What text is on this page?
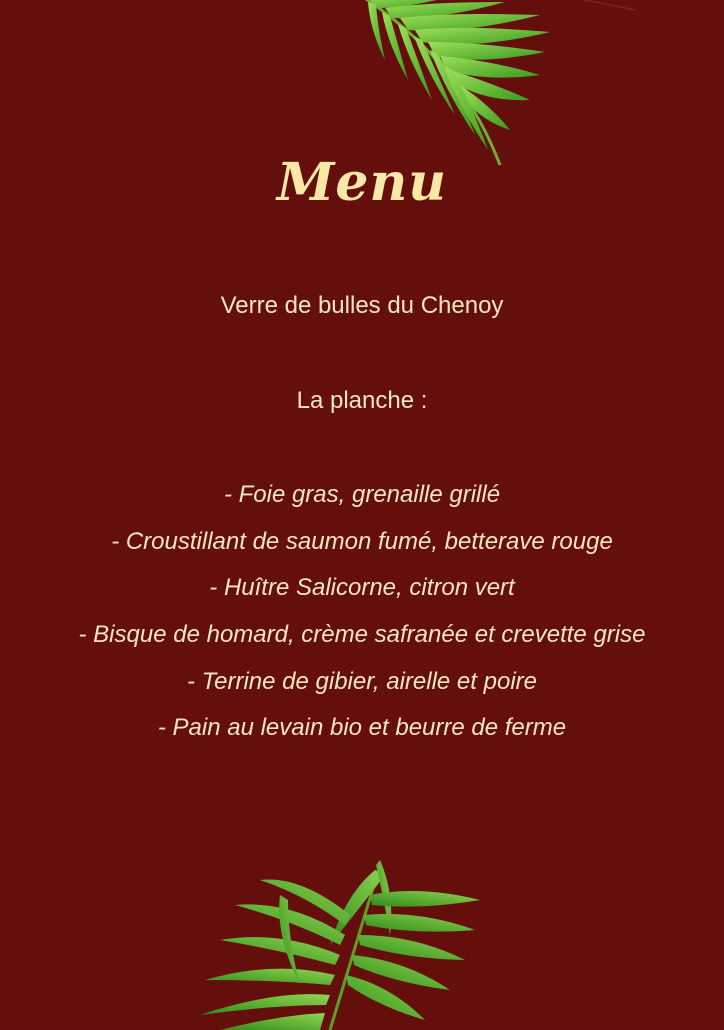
Menu
Verre de bulles du Chenoy
La planche :
- Foie gras, grenaille grillé
- Croustillant de saumon fumé, betterave rouge
- Huître Salicorne, citron vert
- Bisque de homard, crème safranée et crevette grise
- Terrine de gibier, airelle et poire
- Pain au levain bio et beurre de ferme
